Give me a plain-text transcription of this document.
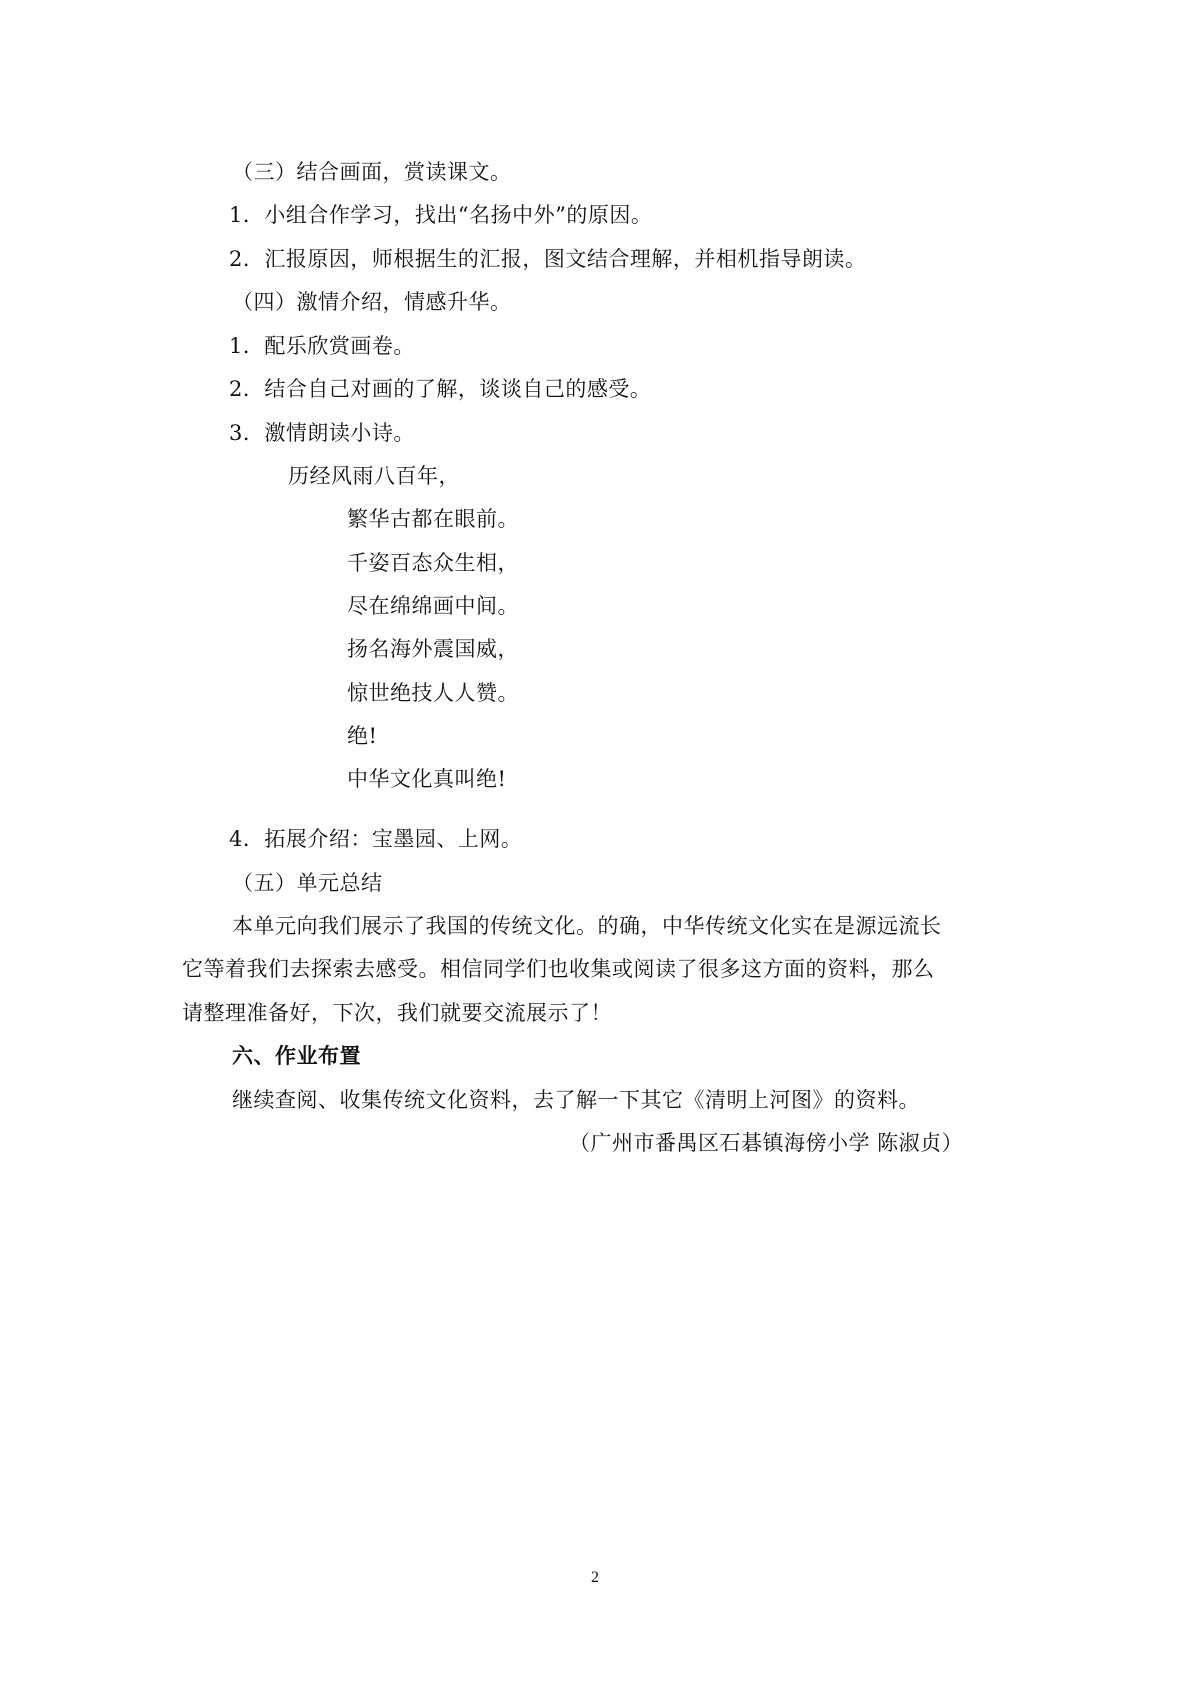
（三）结合画面，赏读课文。
1．小组合作学习，找出“名扬中外”的原因。
2．汇报原因，师根据生的汇报，图文结合理解，并相机指导朗读。
（四）激情介绍，情感升华。
1．配乐欣赏画卷。
2．结合自己对画的了解，谈谈自己的感受。
3．激情朗读小诗。
历经风雨八百年，
繁华古都在眼前。
千姿百态众生相，
尽在绵绵画中间。
扬名海外震国威，
惊世绝技人人赞。
绝!
中华文化真叫绝!
4．拓展介绍：宝墨园、上网。
（五）单元总结
本单元向我们展示了我国的传统文化。的确，中华传统文化实在是源远流长
它等着我们去探索去感受。相信同学们也收集或阅读了很多这方面的资料，那么
请整理准备好，下次，我们就要交流展示了！
六、作业布置
继续查阅、收集传统文化资料，去了解一下其它《清明上河图》的资料。
（广州市番禺区石碁镇海傍小学 陈淑贞）
2
